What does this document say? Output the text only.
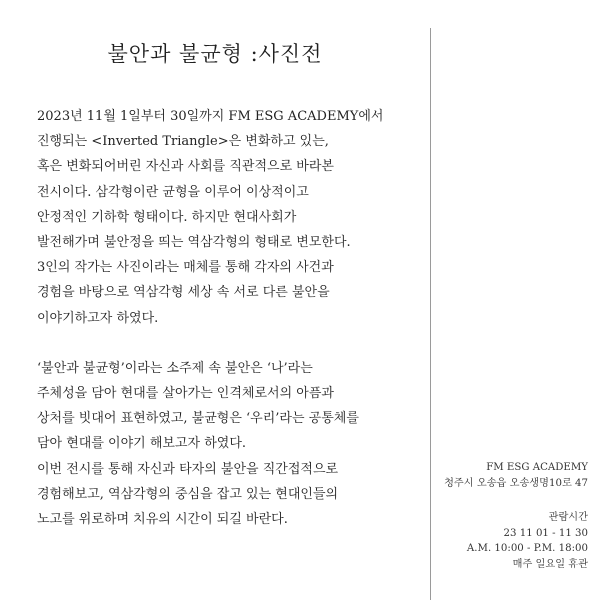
불안과 불균형 :사진전

2023년 11월 1일부터 30일까지 FM ESG ACADEMY에서
진행되는 <Inverted Triangle>은 변화하고 있는,
혹은 변화되어버린 자신과 사회를 직관적으로 바라본
전시이다. 삼각형이란 균형을 이루어 이상적이고
안정적인 기하학 형태이다. 하지만 현대사회가
발전해가며 불안정을 띄는 역삼각형의 형태로 변모한다.
3인의 작가는 사진이라는 매체를 통해 각자의 사건과
경험을 바탕으로 역삼각형 세상 속 서로 다른 불안을
이야기하고자 하였다.

‘불안과 불균형’이라는 소주제 속 불안은 ‘나’라는
주체성을 담아 현대를 살아가는 인격체로서의 아픔과
상처를 빗대어 표현하였고, 불균형은 ‘우리’라는 공통체를
담아 현대를 이야기 해보고자 하였다.
이번 전시를 통해 자신과 타자의 불안을 직간접적으로
경험해보고, 역삼각형의 중심을 잡고 있는 현대인들의
노고를 위로하며 치유의 시간이 되길 바란다.

FM ESG ACADEMY
청주시 오송읍 오송생명10로 47
관람시간
23 11 01 - 11 30
A.M. 10:00 - P.M. 18:00
매주 일요일 휴관
